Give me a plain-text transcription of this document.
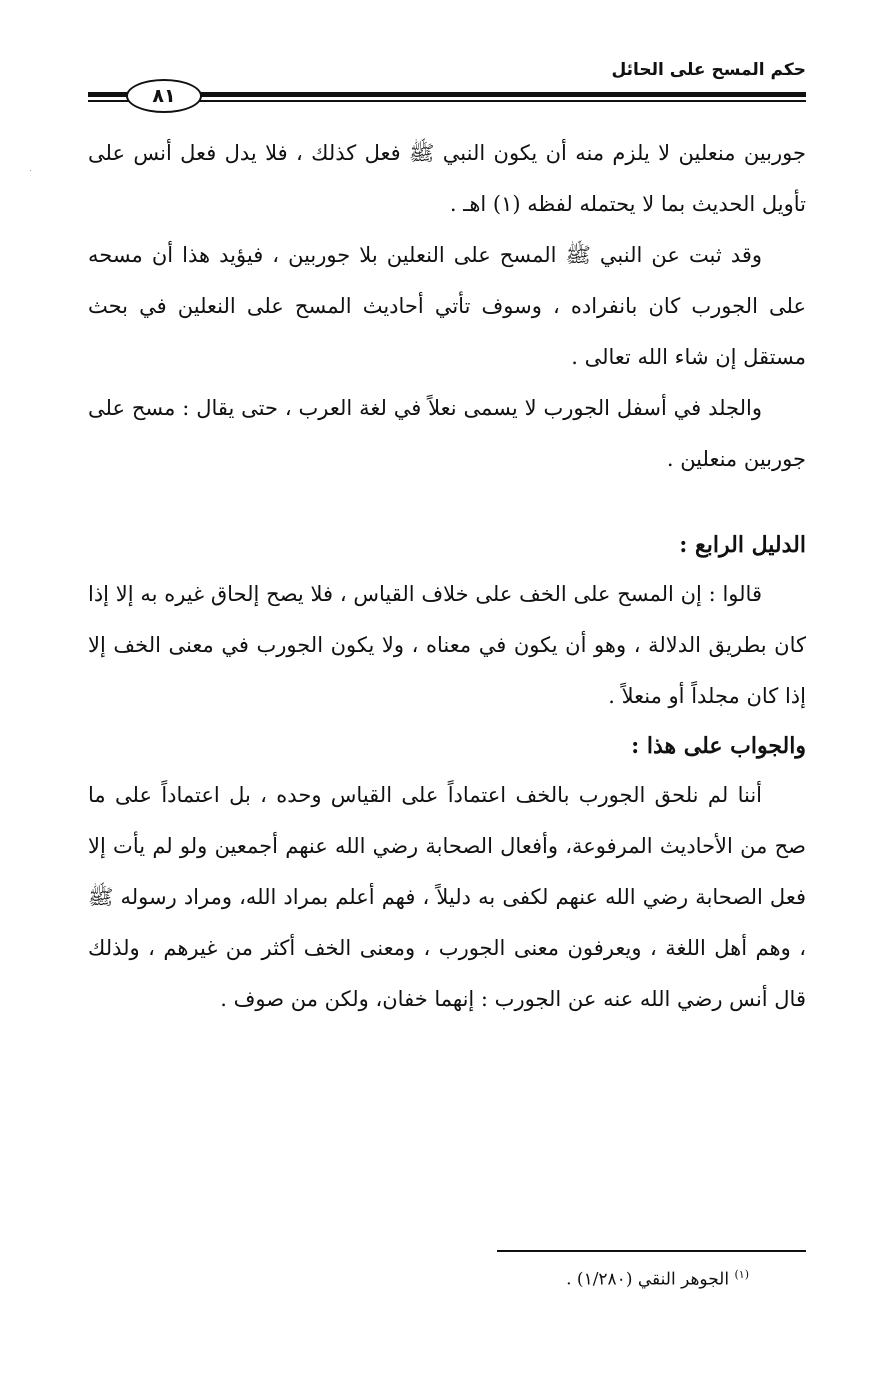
حكم المسح على الحائل
٨١

جوربين منعلين لا يلزم منه أن يكون النبي ﷺ فعل كذلك ، فلا يدل فعل أنس على تأويل الحديث بما لا يحتمله لفظه (١) اهـ .

وقد ثبت عن النبي ﷺ المسح على النعلين بلا جوربين ، فيؤيد هذا أن مسحه على الجورب كان بانفراده ، وسوف تأتي أحاديث المسح على النعلين في بحث مستقل إن شاء الله تعالى .

والجلد في أسفل الجورب لا يسمى نعلاً في لغة العرب ، حتى يقال : مسح على جوربين منعلين .

الدليل الرابع :

قالوا : إن المسح على الخف على خلاف القياس ، فلا يصح إلحاق غيره به إلا إذا كان بطريق الدلالة ، وهو أن يكون في معناه ، ولا يكون الجورب في معنى الخف إلا إذا كان مجلداً أو منعلاً .

والجواب على هذا :

أننا لم نلحق الجورب بالخف اعتماداً على القياس وحده ، بل اعتماداً على ما صح من الأحاديث المرفوعة، وأفعال الصحابة رضي الله عنهم أجمعين ولو لم يأت إلا فعل الصحابة رضي الله عنهم لكفى به دليلاً ، فهم أعلم بمراد الله، ومراد رسوله ﷺ ، وهم أهل اللغة ، ويعرفون معنى الجورب ، ومعنى الخف أكثر من غيرهم ، ولذلك قال أنس رضي الله عنه عن الجورب : إنهما خفان، ولكن من صوف .

$^{(١)}$ الجوهر النقي (١/٢٨٠) .
